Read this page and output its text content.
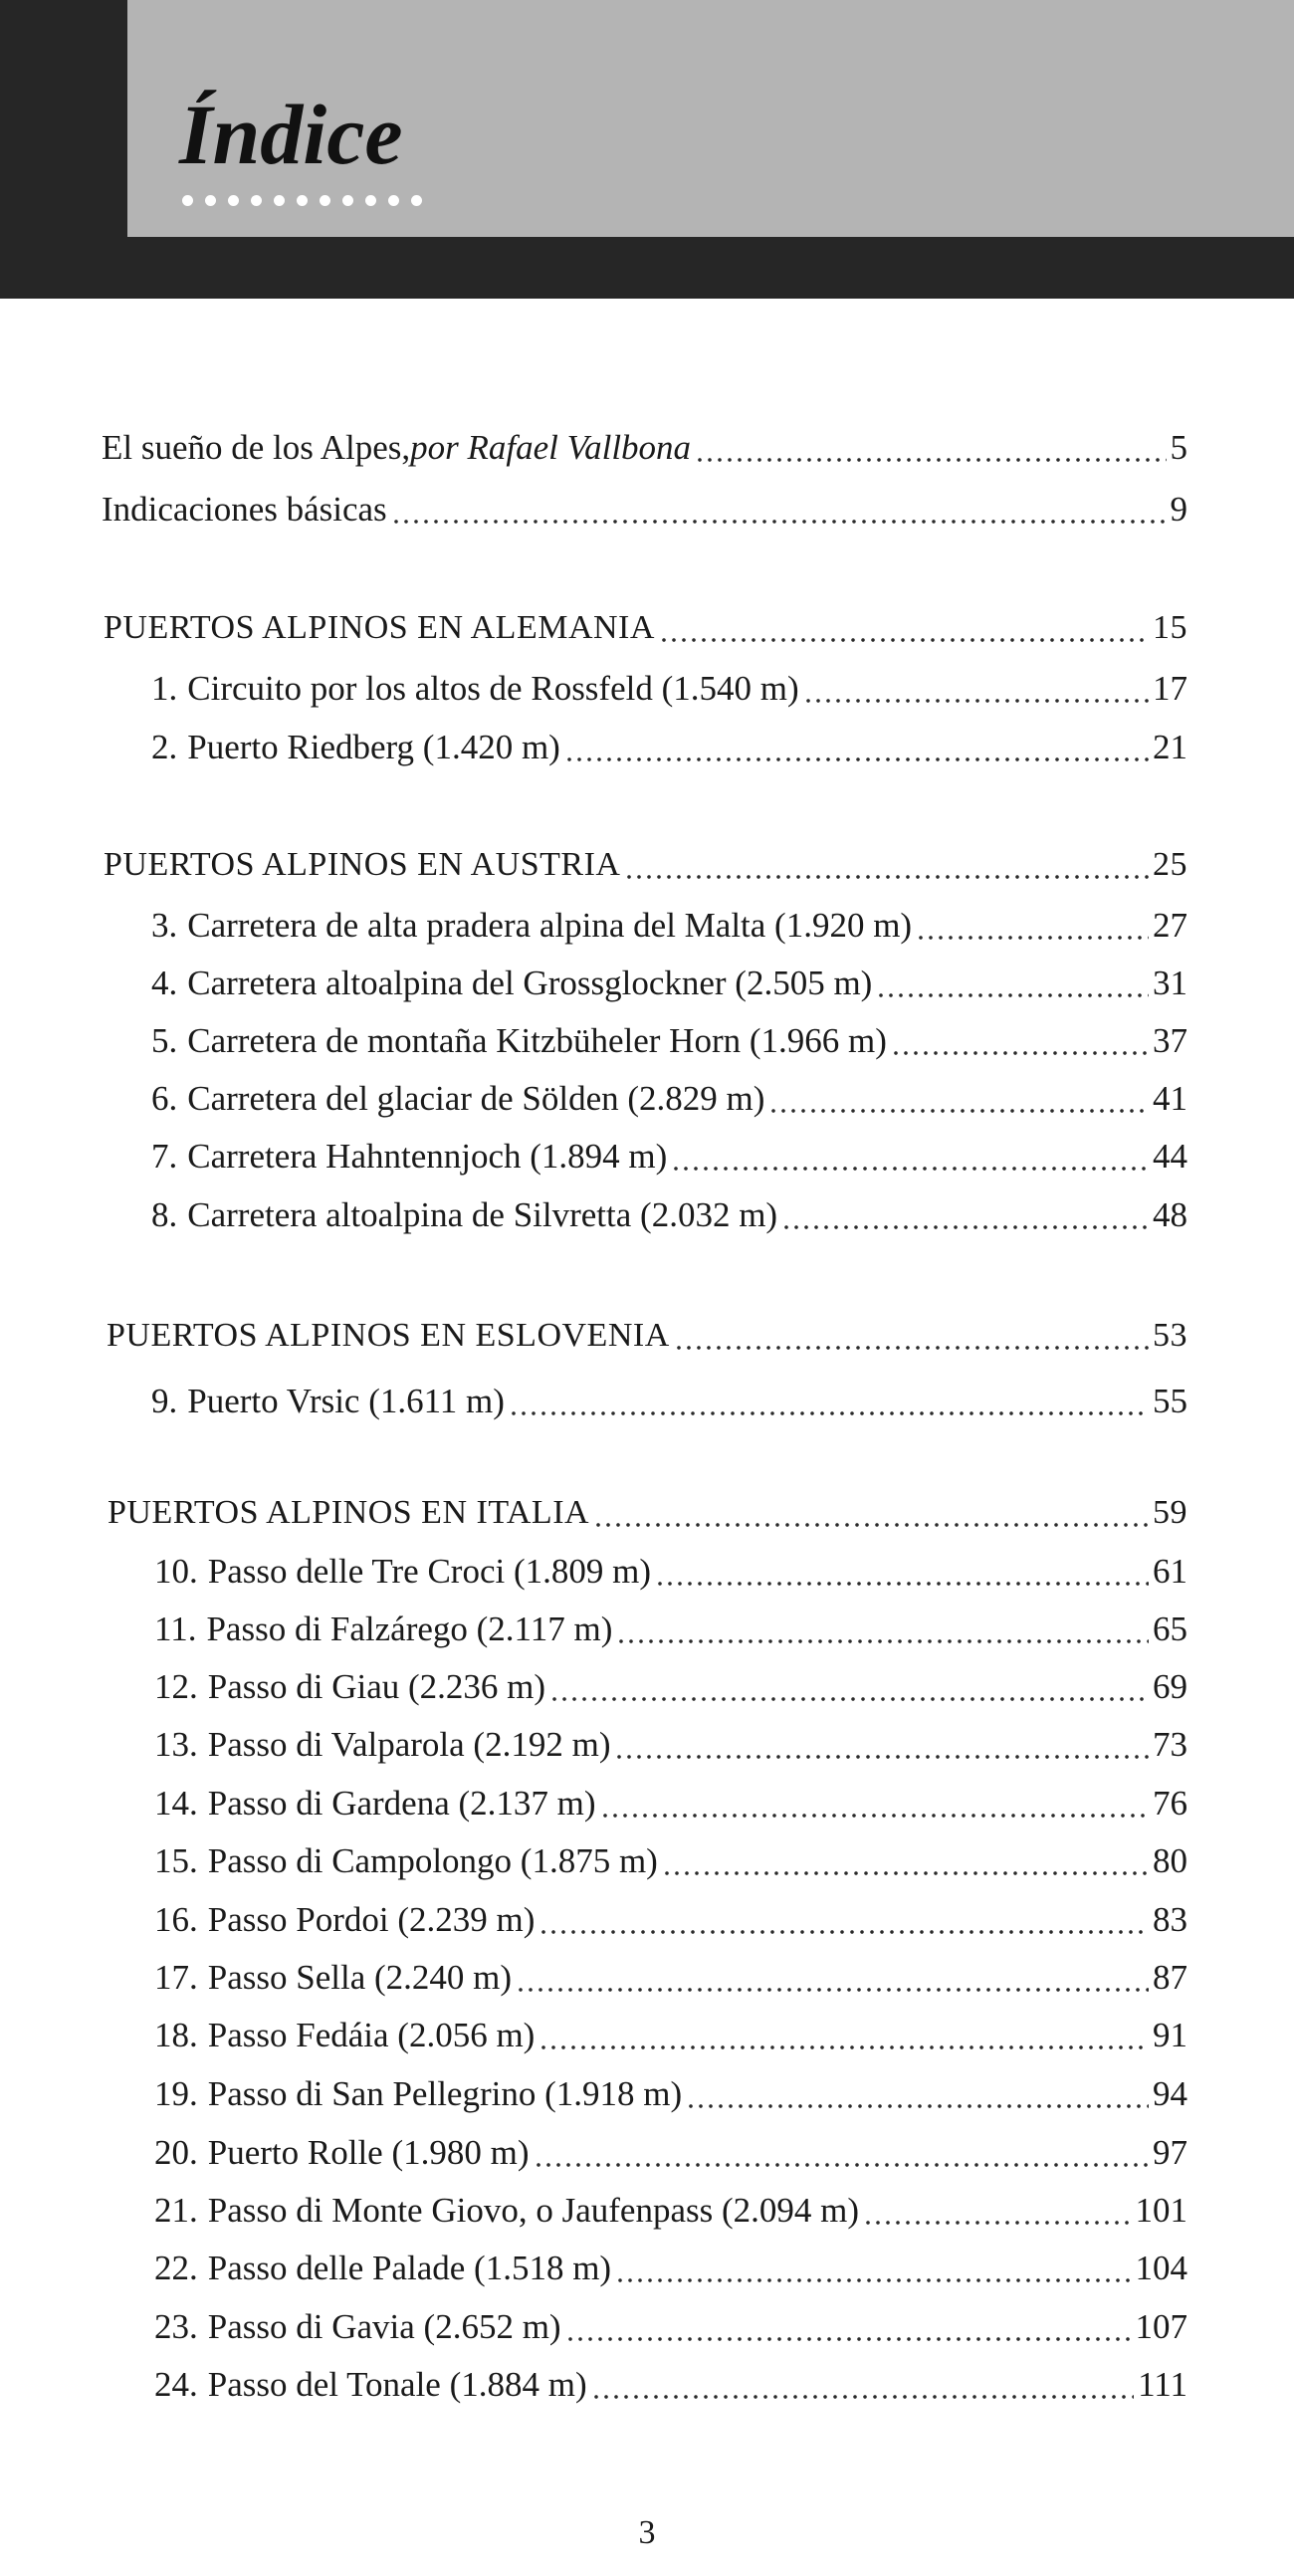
Índice
El sueño de los Alpes, por Rafael Vallbona	5
Indicaciones básicas	9
PUERTOS ALPINOS EN ALEMANIA	15
1. Circuito por los altos de Rossfeld (1.540 m)	17
2. Puerto Riedberg (1.420 m)	21
PUERTOS ALPINOS EN AUSTRIA	25
3. Carretera de alta pradera alpina del Malta (1.920 m)	27
4. Carretera altoalpina del Grossglockner (2.505 m)	31
5. Carretera de montaña Kitzbüheler Horn (1.966 m)	37
6. Carretera del glaciar de Sölden (2.829 m)	41
7. Carretera Hahntennjoch (1.894 m)	44
8. Carretera altoalpina de Silvretta (2.032 m)	48
PUERTOS ALPINOS EN ESLOVENIA	53
9. Puerto Vrsic (1.611 m)	55
PUERTOS ALPINOS EN ITALIA	59
10. Passo delle Tre Croci (1.809 m)	61
11. Passo di Falzárego (2.117 m)	65
12. Passo di Giau (2.236 m)	69
13. Passo di Valparola (2.192 m)	73
14. Passo di Gardena (2.137 m)	76
15. Passo di Campolongo (1.875 m)	80
16. Passo Pordoi (2.239 m)	83
17. Passo Sella (2.240 m)	87
18. Passo Fedáia (2.056 m)	91
19. Passo di San Pellegrino (1.918 m)	94
20. Puerto Rolle (1.980 m)	97
21. Passo di Monte Giovo, o Jaufenpass (2.094 m)	101
22. Passo delle Palade (1.518 m)	104
23. Passo di Gavia (2.652 m)	107
24. Passo del Tonale (1.884 m)	111
3
